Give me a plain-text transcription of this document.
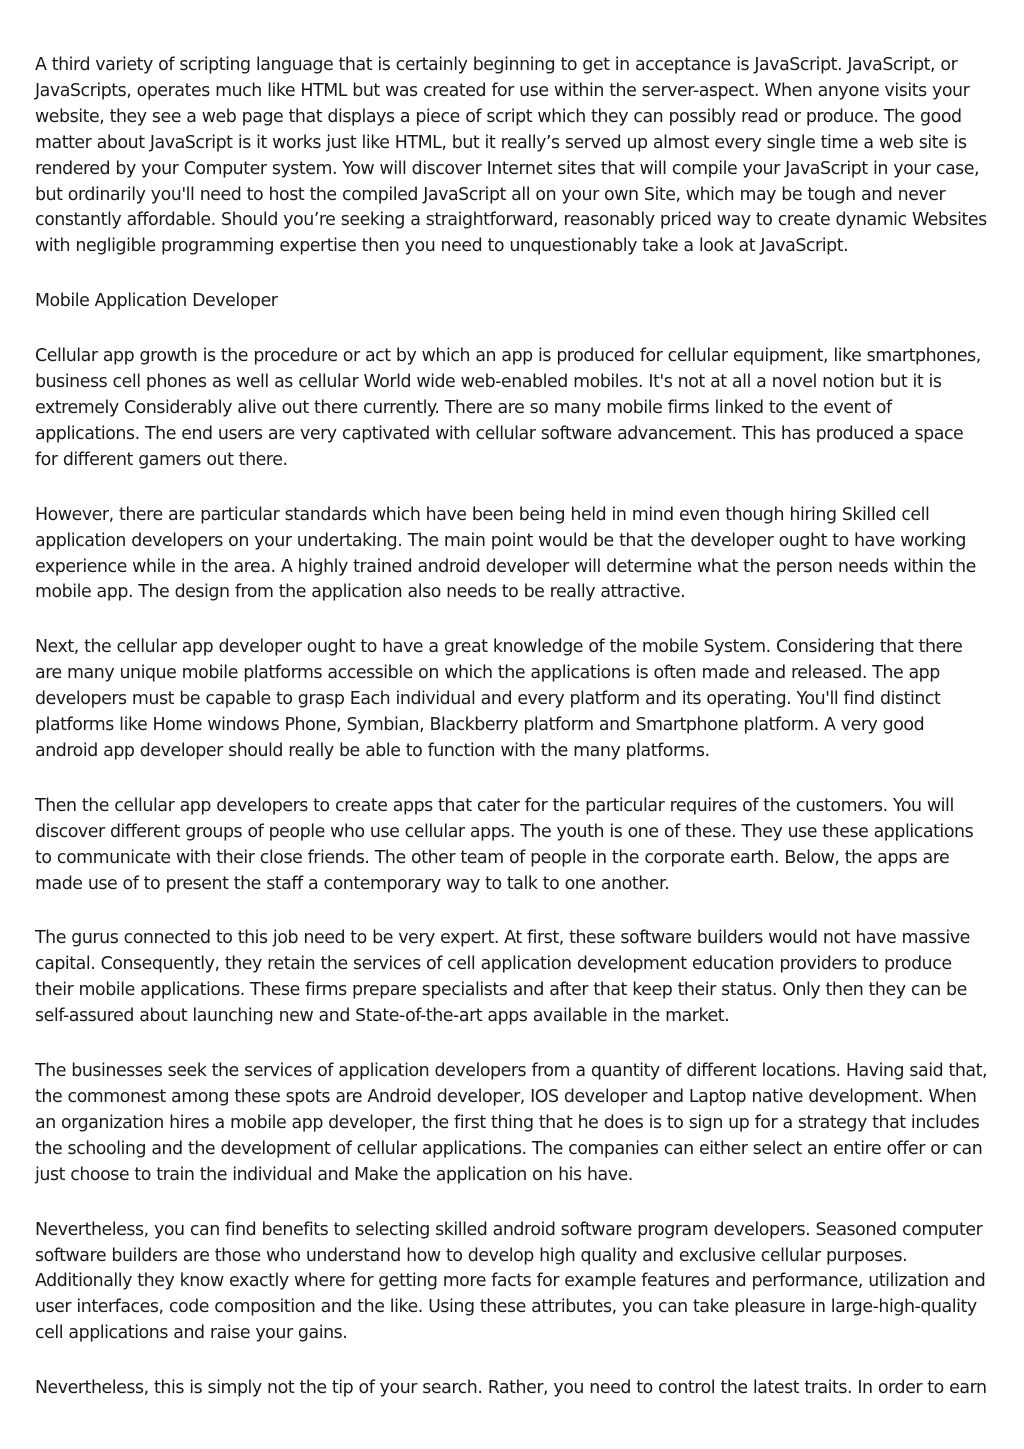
A third variety of scripting language that is certainly beginning to get in acceptance is JavaScript. JavaScript, or JavaScripts, operates much like HTML but was created for use within the server-aspect. When anyone visits your website, they see a web page that displays a piece of script which they can possibly read or produce. The good matter about JavaScript is it works just like HTML, but it really’s served up almost every single time a web site is rendered by your Computer system. Yow will discover Internet sites that will compile your JavaScript in your case, but ordinarily you'll need to host the compiled JavaScript all on your own Site, which may be tough and never constantly affordable. Should you’re seeking a straightforward, reasonably priced way to create dynamic Websites with negligible programming expertise then you need to unquestionably take a look at JavaScript.

Mobile Application Developer

Cellular app growth is the procedure or act by which an app is produced for cellular equipment, like smartphones, business cell phones as well as cellular World wide web-enabled mobiles. It's not at all a novel notion but it is extremely Considerably alive out there currently. There are so many mobile firms linked to the event of applications. The end users are very captivated with cellular software advancement. This has produced a space for different gamers out there.

However, there are particular standards which have been being held in mind even though hiring Skilled cell application developers on your undertaking. The main point would be that the developer ought to have working experience while in the area. A highly trained android developer will determine what the person needs within the mobile app. The design from the application also needs to be really attractive.

Next, the cellular app developer ought to have a great knowledge of the mobile System. Considering that there are many unique mobile platforms accessible on which the applications is often made and released. The app developers must be capable to grasp Each individual and every platform and its operating. You'll find distinct platforms like Home windows Phone, Symbian, Blackberry platform and Smartphone platform. A very good android app developer should really be able to function with the many platforms.

Then the cellular app developers to create apps that cater for the particular requires of the customers. You will discover different groups of people who use cellular apps. The youth is one of these. They use these applications to communicate with their close friends. The other team of people in the corporate earth. Below, the apps are made use of to present the staff a contemporary way to talk to one another.

The gurus connected to this job need to be very expert. At first, these software builders would not have massive capital. Consequently, they retain the services of cell application development education providers to produce their mobile applications. These firms prepare specialists and after that keep their status. Only then they can be self-assured about launching new and State-of-the-art apps available in the market.

The businesses seek the services of application developers from a quantity of different locations. Having said that, the commonest among these spots are Android developer, IOS developer and Laptop native development. When an organization hires a mobile app developer, the first thing that he does is to sign up for a strategy that includes the schooling and the development of cellular applications. The companies can either select an entire offer or can just choose to train the individual and Make the application on his have.

Nevertheless, you can find benefits to selecting skilled android software program developers. Seasoned computer software builders are those who understand how to develop high quality and exclusive cellular purposes. Additionally they know exactly where for getting more facts for example features and performance, utilization and user interfaces, code composition and the like. Using these attributes, you can take pleasure in large-high-quality cell applications and raise your gains.

Nevertheless, this is simply not the tip of your search. Rather, you need to control the latest traits. In order to earn
